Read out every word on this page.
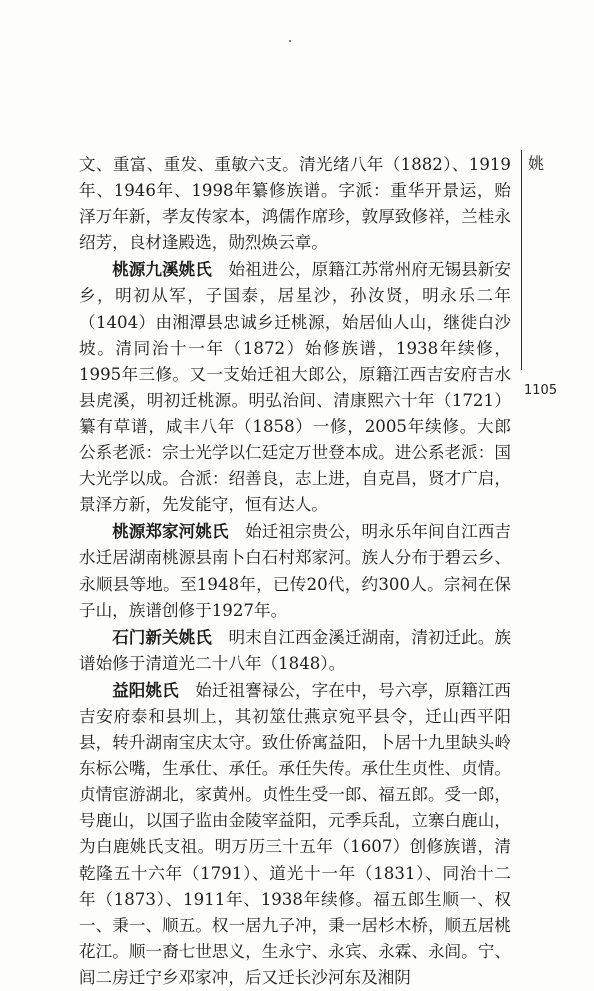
姚
1105

文、重富、重发、重敏六支。清光绪八年（1882）、1919年、1946年、1998年纂修族谱。字派：重华开景运，贻泽万年新，孝友传家本，鸿儒作席珍，敦厚致修祥，兰桂永绍芳，良材逢殿选，勋烈焕云章。

桃源九溪姚氏　 始祖进公，原籍江苏常州府无锡县新安乡，明初从军，子国泰，居星沙，孙汝贤，明永乐二年（1404）由湘潭县忠诚乡迁桃源，始居仙人山，继徙白沙坡。清同治十一年（1872）始修族谱，1938年续修，1995年三修。又一支始迁祖大郎公，原籍江西吉安府吉水县虎溪，明初迁桃源。明弘治间、清康熙六十年（1721）纂有草谱，咸丰八年（1858）一修，2005年续修。大郎公系老派：宗士光学以仁廷定万世登本成。进公系老派：国大光学以成。合派：绍善良，志上进，自克昌，贤才广启，景泽方新，先发能守，恒有达人。

桃源郑家河姚氏　 始迁祖宗贵公，明永乐年间自江西吉水迁居湖南桃源县南卜白石村郑家河。族人分布于碧云乡、永顺县等地。至1948年，已传20代，约300人。宗祠在保子山，族谱创修于1927年。

石门新关姚氏　 明末自江西金溪迁湖南，清初迁此。族谱始修于清道光二十八年（1848）。

益阳姚氏　 始迁祖謇禄公，字在中，号六亭，原籍江西吉安府泰和县圳上，其初筮仕燕京宛平县令，迁山西平阳县，转升湖南宝庆太守。致仕侨寓益阳，卜居十九里缺头岭东标公嘴，生承仕、承任。承任失传。承仕生贞性、贞情。贞情宦游湖北，家黄州。贞性生受一郎、福五郎。受一郎，号鹿山，以国子监由金陵宰益阳，元季兵乱，立寨白鹿山，为白鹿姚氏支祖。明万历三十五年（1607）创修族谱，清乾隆五十六年（1791）、道光十一年（1831）、同治十二年（1873）、1911年、1938年续修。福五郎生顺一、权一、秉一、顺五。权一居九子冲，秉一居杉木桥，顺五居桃花江。顺一裔七世思义，生永宁、永宾、永霖、永闾。宁、闾二房迁宁乡邓家冲，后又迁长沙河东及湘阴
